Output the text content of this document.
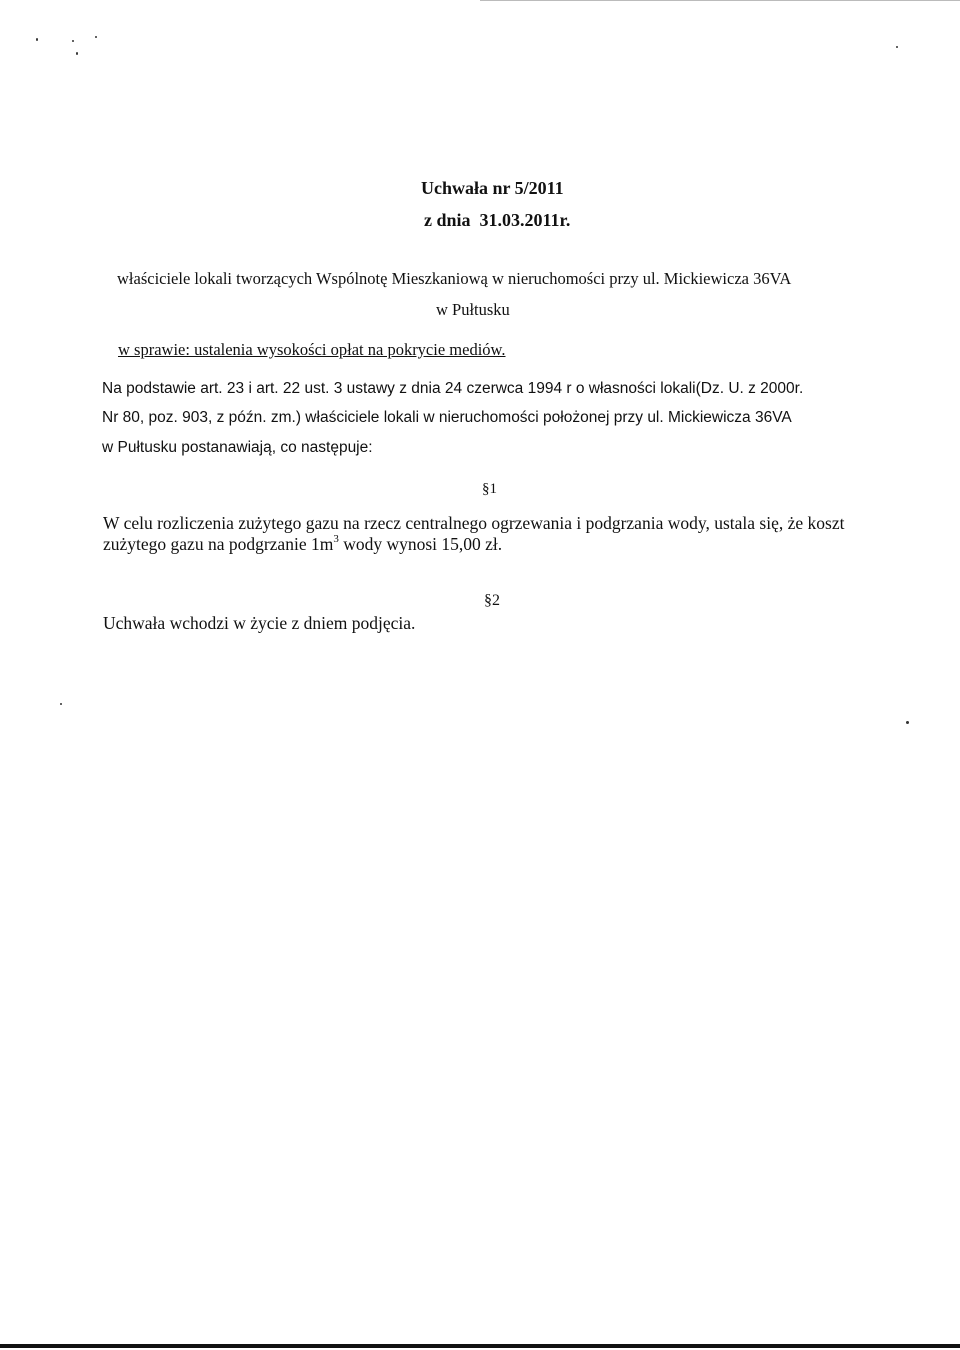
Uchwała nr 5/2011
z dnia  31.03.2011r.
właściciele lokali tworzących Wspólnotę Mieszkaniową w nieruchomości przy ul. Mickiewicza 36VA
w Pułtusku
w sprawie: ustalenia wysokości opłat na pokrycie mediów.
Na podstawie art. 23 i art. 22 ust. 3 ustawy z dnia 24 czerwca 1994 r o własności lokali(Dz. U. z 2000r.
Nr 80, poz. 903, z późn. zm.) właściciele lokali w nieruchomości położonej przy ul. Mickiewicza 36VA
w Pułtusku postanawiają, co następuje:
§1
W celu rozliczenia zużytego gazu na rzecz centralnego ogrzewania i podgrzania wody, ustala się, że koszt
zużytego gazu na podgrzanie $1m^3$ wody wynosi 15,00 zł.
§2
Uchwała wchodzi w życie z dniem podjęcia.
